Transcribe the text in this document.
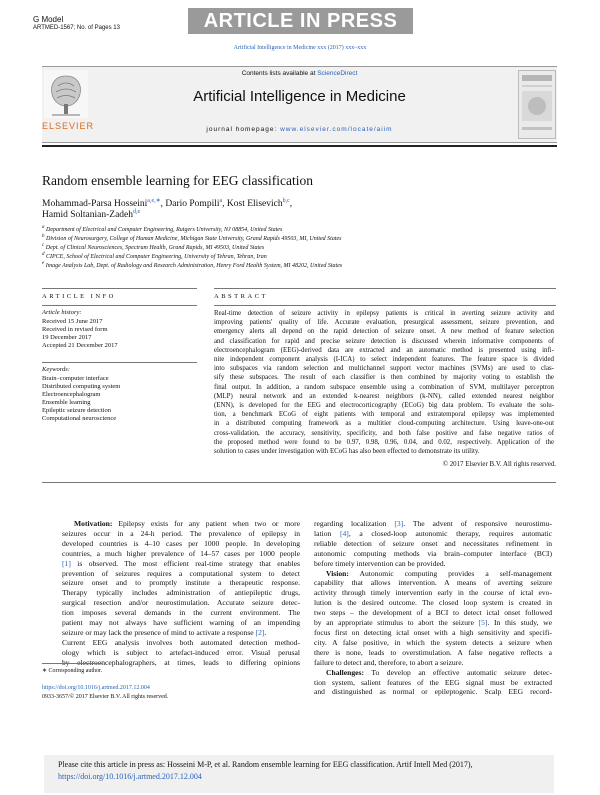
G Model
ARTMED-1567; No. of Pages 13	ARTICLE IN PRESS
Artificial Intelligence in Medicine xxx (2017) xxx–xxx
ELSEVIER
Contents lists available at ScienceDirect
Artificial Intelligence in Medicine
journal homepage: www.elsevier.com/locate/aiim
Random ensemble learning for EEG classification
Mohammad-Parsa Hosseini$^{a,e,∗}$, Dario Pompili$^a$, Kost Elisevich$^{b,c}$,
Hamid Soltanian-Zadeh$^{d,e}$
$^a$ Department of Electrical and Computer Engineering, Rutgers University, NJ 08854, United States
$^b$ Division of Neurosurgery, College of Human Medicine, Michigan State University, Grand Rapids 49503, MI, United States
$^c$ Dept. of Clinical Neurosciences, Spectrum Health, Grand Rapids, MI 49503, United States
$^d$ CIPCE, School of Electrical and Computer Engineering, University of Tehran, Tehran, Iran
$^e$ Image Analysis Lab, Dept. of Radiology and Research Administration, Henry Ford Health System, MI 48202, United States
ARTICLE INFO
Article history:
Received 15 June 2017
Received in revised form
19 December 2017
Accepted 21 December 2017
Keywords:
Brain–computer interface
Distributed computing system
Electroencephalogram
Ensemble learning
Epileptic seizure detection
Computational neuroscience
ABSTRACT
Real-time detection of seizure activity in epilepsy patients is critical in averting seizure activity and
improving patients' quality of life. Accurate evaluation, presurgical assessment, seizure prevention, and
emergency alerts all depend on the rapid detection of seizure onset. A new method of feature selection
and classification for rapid and precise seizure detection is discussed wherein informative components of
electroencephalogram (EEG)-derived data are extracted and an automatic method is presented using infi-
nite independent component analysis (I-ICA) to select independent features. The feature space is divided
into subspaces via random selection and multichannel support vector machines (SVMs) are used to clas-
sify these subspaces. The result of each classifier is then combined by majority voting to establish the
final output. In addition, a random subspace ensemble using a combination of SVM, multilayer perceptron
(MLP) neural network and an extended k-nearest neighbors (k-NN), called extended nearest neighbor
(ENN), is developed for the EEG and electrocorticography (ECoG) big data problem. To evaluate the solu-
tion, a benchmark ECoG of eight patients with temporal and extratemporal epilepsy was implemented
in a distributed computing framework as a multitier cloud-computing architecture. Using leave-one-out
cross-validation, the accuracy, sensitivity, specificity, and both false positive and false negative ratios of
the proposed method were found to be 0.97, 0.98, 0.96, 0.04, and 0.02, respectively. Application of the
solution to cases under investigation with ECoG has also been effected to demonstrate its utility.
© 2017 Elsevier B.V. All rights reserved.
Motivation: Epilepsy exists for any patient when two or more
seizures occur in a 24-h period. The prevalence of epilepsy in
developed countries is 4–10 cases per 1000 people. In developing
countries, a much higher prevalence of 14–57 cases per 1000 people
[1] is observed. The most efficient real-time strategy that enables
prevention of seizures requires a computational system to detect
seizure onset and to promptly institute a therapeutic response.
Therapy typically includes administration of antiepileptic drugs,
surgical resection and/or neurostimulation. Accurate seizure detec-
tion imposes several demands in the current environment. The
patient may not always have sufficient warning of an impending
seizure or may lack the presence of mind to activate a response [2].
Current EEG analysis involves both automated detection method-
ology which is subject to artefact-induced error. Visual perusal
by electroencephalographers, at times, leads to differing opinions
regarding localization [3]. The advent of responsive neurostimu-
lation [4], a closed-loop autonomic therapy, requires automatic
reliable detection of seizure onset and necessitates refinement in
autonomic computing methods via brain–computer interface (BCI)
before timely intervention can be provided.
Vision: Autonomic computing provides a self-management
capability that allows intervention. A means of averting seizure
activity through timely intervention early in the course of ictal evo-
lution is the desired outcome. The closed loop system is created in
two steps – the development of a BCI to detect ictal onset followed
by an appropriate stimulus to abort the seizure [5]. In this study, we
focus first on detecting ictal onset with a high sensitivity and specifi-
city. A false positive, in which the system detects a seizure when
there is none, leads to overstimulation. A false negative reflects a
failure to detect and, therefore, to abort a seizure.
Challenges: To develop an effective automatic seizure detec-
tion system, salient features of the EEG signal must be extracted
and distinguished as normal or epileptogenic. Scalp EEG record-
∗ Corresponding author.
https://doi.org/10.1016/j.artmed.2017.12.004
0933-3657/© 2017 Elsevier B.V. All rights reserved.
Please cite this article in press as: Hosseini M-P, et al. Random ensemble learning for EEG classification. Artif Intell Med (2017),
https://doi.org/10.1016/j.artmed.2017.12.004
